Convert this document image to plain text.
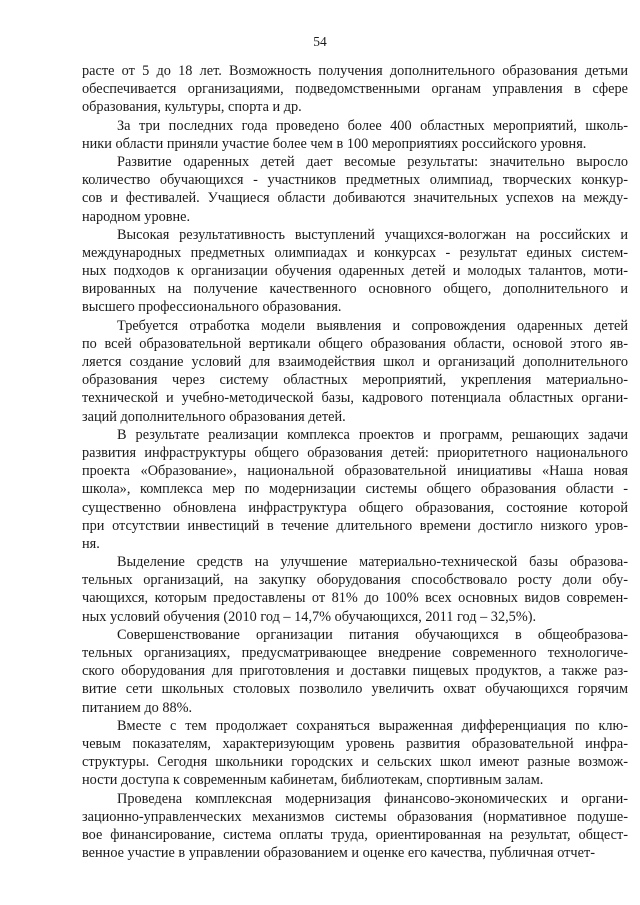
54
расте от 5 до 18 лет. Возможность получения дополнительного образования детьми
обеспечивается организациями, подведомственными органам управления в сфере
образования, культуры, спорта и др.
За три последних года проведено более 400 областных мероприятий, школь-
ники области приняли участие более чем в 100 мероприятиях российского уровня.
Развитие одаренных детей дает весомые результаты: значительно выросло
количество обучающихся - участников предметных олимпиад, творческих конкур-
сов и фестивалей. Учащиеся области добиваются значительных успехов на между-
народном уровне.
Высокая результативность выступлений учащихся-вологжан на российских и
международных предметных олимпиадах и конкурсах - результат единых систем-
ных подходов к организации обучения одаренных детей и молодых талантов, моти-
вированных на получение качественного основного общего, дополнительного и
высшего профессионального образования.
Требуется отработка модели выявления и сопровождения одаренных детей
по всей образовательной вертикали общего образования области, основой этого яв-
ляется создание условий для взаимодействия школ и организаций дополнительного
образования через систему областных мероприятий, укрепления материально-
технической и учебно-методической базы, кадрового потенциала областных органи-
заций дополнительного образования детей.
В результате реализации комплекса проектов и программ, решающих задачи
развития инфраструктуры общего образования детей: приоритетного национального
проекта «Образование», национальной образовательной инициативы «Наша новая
школа», комплекса мер по модернизации системы общего образования области -
существенно обновлена инфраструктура общего образования, состояние которой
при отсутствии инвестиций в течение длительного времени достигло низкого уров-
ня.
Выделение средств на улучшение материально-технической базы образова-
тельных организаций, на закупку оборудования способствовало росту доли обу-
чающихся, которым предоставлены от 81% до 100% всех основных видов современ-
ных условий обучения (2010 год – 14,7% обучающихся, 2011 год – 32,5%).
Совершенствование организации питания обучающихся в общеобразова-
тельных организациях, предусматривающее внедрение современного технологиче-
ского оборудования для приготовления и доставки пищевых продуктов, а также раз-
витие сети школьных столовых позволило увеличить охват обучающихся горячим
питанием до 88%.
Вместе с тем продолжает сохраняться выраженная дифференциация по клю-
чевым показателям, характеризующим уровень развития образовательной инфра-
структуры. Сегодня школьники городских и сельских школ имеют разные возмож-
ности доступа к современным кабинетам, библиотекам, спортивным залам.
Проведена комплексная модернизация финансово-экономических и органи-
зационно-управленческих механизмов системы образования (нормативное подуше-
вое финансирование, система оплаты труда, ориентированная на результат, общест-
венное участие в управлении образованием и оценке его качества, публичная отчет-
